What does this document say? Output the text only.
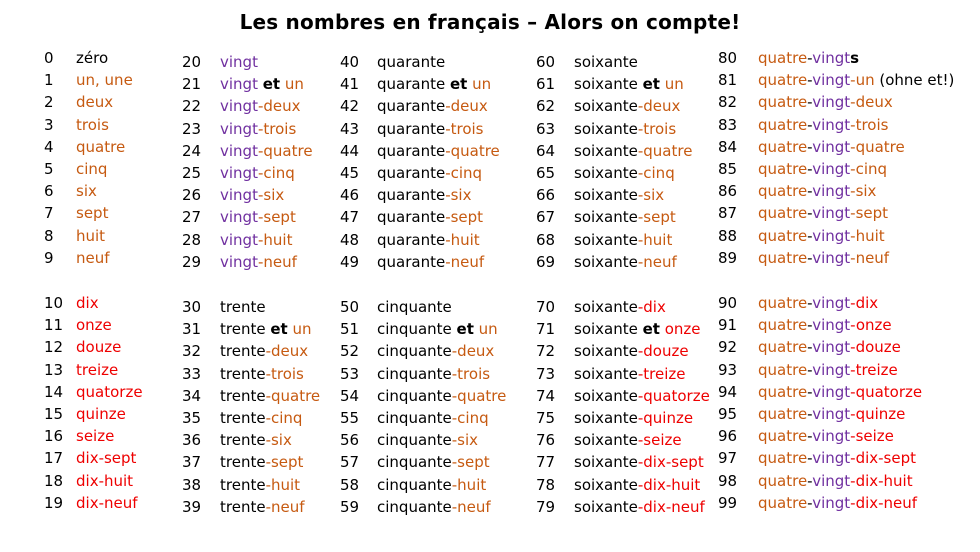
Les nombres en français – Alors on compte!
0 zéro
1 un, une
2 deux
3 trois
4 quatre
5 cinq
6 six
7 sept
8 huit
9 neuf
10 dix
11 onze
12 douze
13 treize
14 quatorze
15 quinze
16 seize
17 dix-sept
18 dix-huit
19 dix-neuf
20 vingt
21 vingt et un
22 vingt-deux
23 vingt-trois
24 vingt-quatre
25 vingt-cinq
26 vingt-six
27 vingt-sept
28 vingt-huit
29 vingt-neuf
30 trente
31 trente et un
32 trente-deux
33 trente-trois
34 trente-quatre
35 trente-cinq
36 trente-six
37 trente-sept
38 trente-huit
39 trente-neuf
40 quarante
41 quarante et un
42 quarante-deux
43 quarante-trois
44 quarante-quatre
45 quarante-cinq
46 quarante-six
47 quarante-sept
48 quarante-huit
49 quarante-neuf
50 cinquante
51 cinquante et un
52 cinquante-deux
53 cinquante-trois
54 cinquante-quatre
55 cinquante-cinq
56 cinquante-six
57 cinquante-sept
58 cinquante-huit
59 cinquante-neuf
60 soixante
61 soixante et un
62 soixante-deux
63 soixante-trois
64 soixante-quatre
65 soixante-cinq
66 soixante-six
67 soixante-sept
68 soixante-huit
69 soixante-neuf
70 soixante-dix
71 soixante et onze
72 soixante-douze
73 soixante-treize
74 soixante-quatorze
75 soixante-quinze
76 soixante-seize
77 soixante-dix-sept
78 soixante-dix-huit
79 soixante-dix-neuf
80 quatre-vingts
81 quatre-vingt-un (ohne et!)
82 quatre-vingt-deux
83 quatre-vingt-trois
84 quatre-vingt-quatre
85 quatre-vingt-cinq
86 quatre-vingt-six
87 quatre-vingt-sept
88 quatre-vingt-huit
89 quatre-vingt-neuf
90 quatre-vingt-dix
91 quatre-vingt-onze
92 quatre-vingt-douze
93 quatre-vingt-treize
94 quatre-vingt-quatorze
95 quatre-vingt-quinze
96 quatre-vingt-seize
97 quatre-vingt-dix-sept
98 quatre-vingt-dix-huit
99 quatre-vingt-dix-neuf
